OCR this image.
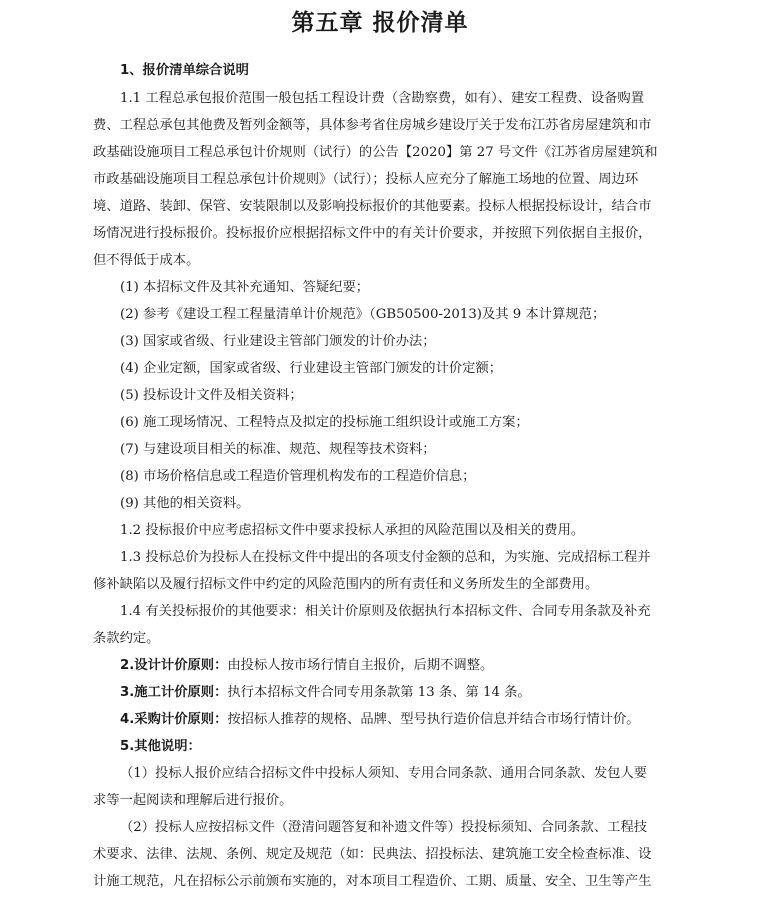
第五章 报价清单
1、报价清单综合说明
1.1 工程总承包报价范围一般包括工程设计费（含勘察费，如有）、建安工程费、设备购置
费、工程总承包其他费及暂列金额等，具体参考省住房城乡建设厅关于发布江苏省房屋建筑和市
政基础设施项目工程总承包计价规则（试行）的公告【2020】第 27 号文件《江苏省房屋建筑和
市政基础设施项目工程总承包计价规则》（试行）；投标人应充分了解施工场地的位置、周边环
境、道路、装卸、保管、安装限制以及影响投标报价的其他要素。投标人根据投标设计，结合市
场情况进行投标报价。投标报价应根据招标文件中的有关计价要求，并按照下列依据自主报价，
但不得低于成本。
(1) 本招标文件及其补充通知、答疑纪要；
(2) 参考《建设工程工程量清单计价规范》（GB50500-2013)及其 9 本计算规范；
(3) 国家或省级、行业建设主管部门颁发的计价办法；
(4) 企业定额，国家或省级、行业建设主管部门颁发的计价定额；
(5) 投标设计文件及相关资料；
(6) 施工现场情况、工程特点及拟定的投标施工组织设计或施工方案；
(7) 与建设项目相关的标准、规范、规程等技术资料；
(8) 市场价格信息或工程造价管理机构发布的工程造价信息；
(9) 其他的相关资料。
1.2 投标报价中应考虑招标文件中要求投标人承担的风险范围以及相关的费用。
1.3 投标总价为投标人在投标文件中提出的各项支付金额的总和，为实施、完成招标工程并
修补缺陷以及履行招标文件中约定的风险范围内的所有责任和义务所发生的全部费用。
1.4 有关投标报价的其他要求：相关计价原则及依据执行本招标文件、合同专用条款及补充
条款约定。
2.设计计价原则：由投标人按市场行情自主报价，后期不调整。
3.施工计价原则：执行本招标文件合同专用条款第 13 条、第 14 条。
4.采购计价原则：按招标人推荐的规格、品牌、型号执行造价信息并结合市场行情计价。
5.其他说明：
（1）投标人报价应结合招标文件中投标人须知、专用合同条款、通用合同条款、发包人要
求等一起阅读和理解后进行报价。
（2）投标人应按招标文件（澄清问题答复和补遗文件等）投投标须知、合同条款、工程技
术要求、法律、法规、条例、规定及规范（如：民典法、招投标法、建筑施工安全检查标准、设
计施工规范，凡在招标公示前颁布实施的，对本项目工程造价、工期、质量、安全、卫生等产生
